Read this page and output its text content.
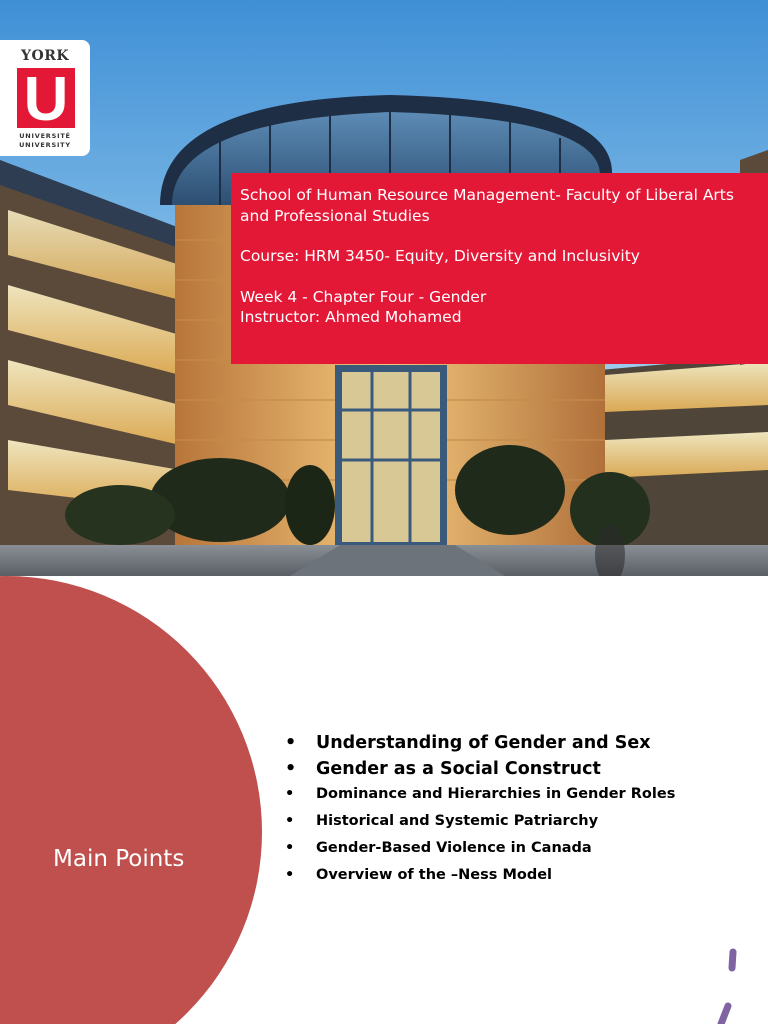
YORK
U
UNIVERSITÉ
UNIVERSITY
School of Human Resource Management- Faculty of Liberal Arts and Professional Studies
Course: HRM 3450- Equity, Diversity and Inclusivity
Week 4 - Chapter Four - Gender
Instructor: Ahmed Mohamed
Main Points
• Understanding of Gender and Sex
• Gender as a Social Construct
• Dominance and Hierarchies in Gender Roles
• Historical and Systemic Patriarchy
• Gender-Based Violence in Canada
• Overview of the –Ness Model
